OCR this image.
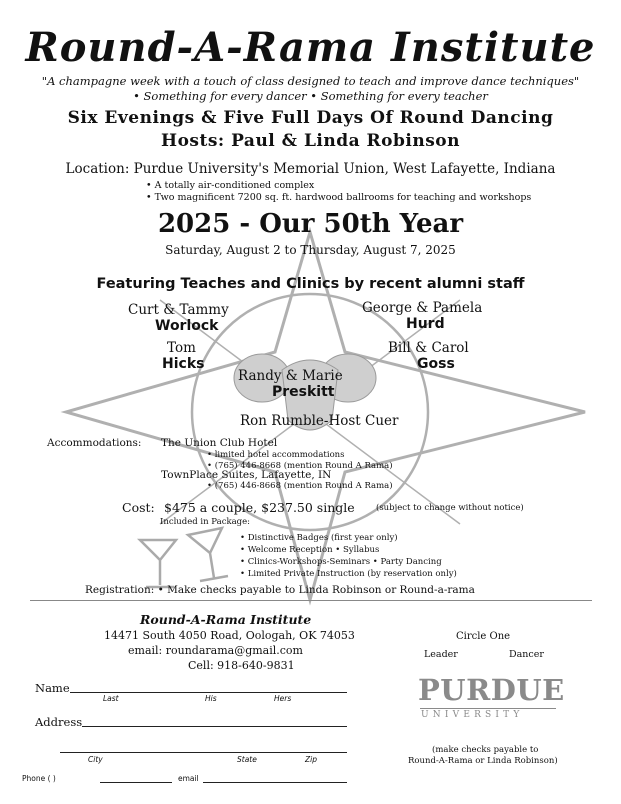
Round-A-Rama Institute
"A champagne week with a touch of class designed to teach and improve dance techniques"
• Something for every dancer • Something for every teacher
Six Evenings & Five Full Days Of Round Dancing
Hosts: Paul & Linda Robinson
Location: Purdue University's Memorial Union, West Lafayette, Indiana
• A totally air-conditioned complex
• Two magnificent 7200 sq. ft. hardwood ballrooms for teaching and workshops
2025 - Our 50th Year
Saturday, August 2 to Thursday, August 7, 2025
Featuring Teaches and Clinics by recent alumni staff
Curt & Tammy
Worlock
George & Pamela
Hurd
Tom
Hicks
Bill & Carol
Goss
Randy & Marie
Preskitt
Ron Rumble-Host Cuer
Accommodations: The Union Club Hotel
• limited hotel accommodations
• (765) 446-8668 (mention Round A Rama)
TownPlace Suites, Lafayette, IN
• (765) 446-8668 (mention Round A Rama)
Cost: $475 a couple, $237.50 single	(subject to change without notice)
Included in Package:
• Distinctive Badges (first year only)
• Welcome Reception • Syllabus
• Clinics-Workshops-Seminars • Party Dancing
• Limited Private Instruction (by reservation only)
Registration: • Make checks payable to Linda Robinson or Round-a-rama
Round-A-Rama Institute
14471 South 4050 Road, Oologah, OK 74053
email: roundarama@gmail.com
Cell: 918-640-9831
Name
Last	His	Hers
Address
City	State	Zip
Phone ( )	email
Circle One
Leader	Dancer
PURDUE
UNIVERSITY
(make checks payable to
Round-A-Rama or Linda Robinson)
